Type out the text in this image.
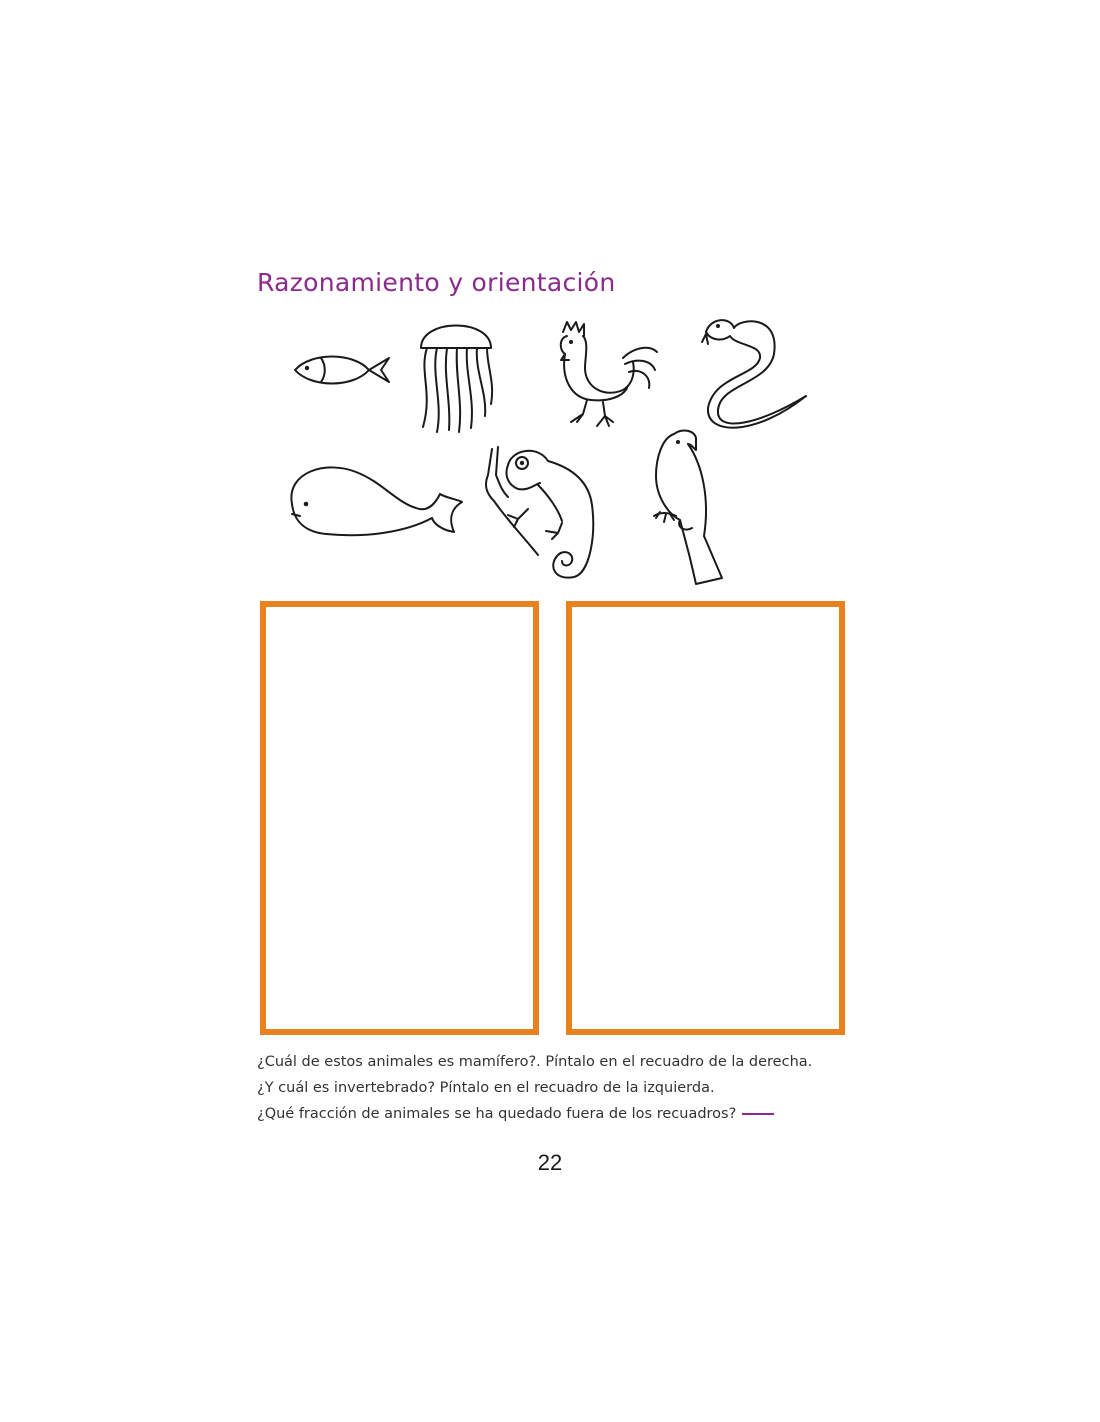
Razonamiento y orientación
¿Cuál de estos animales es mamífero?. Píntalo en el recuadro de la derecha.
¿Y cuál es invertebrado? Píntalo en el recuadro de la izquierda.
¿Qué fracción de animales se ha quedado fuera de los recuadros?
22
